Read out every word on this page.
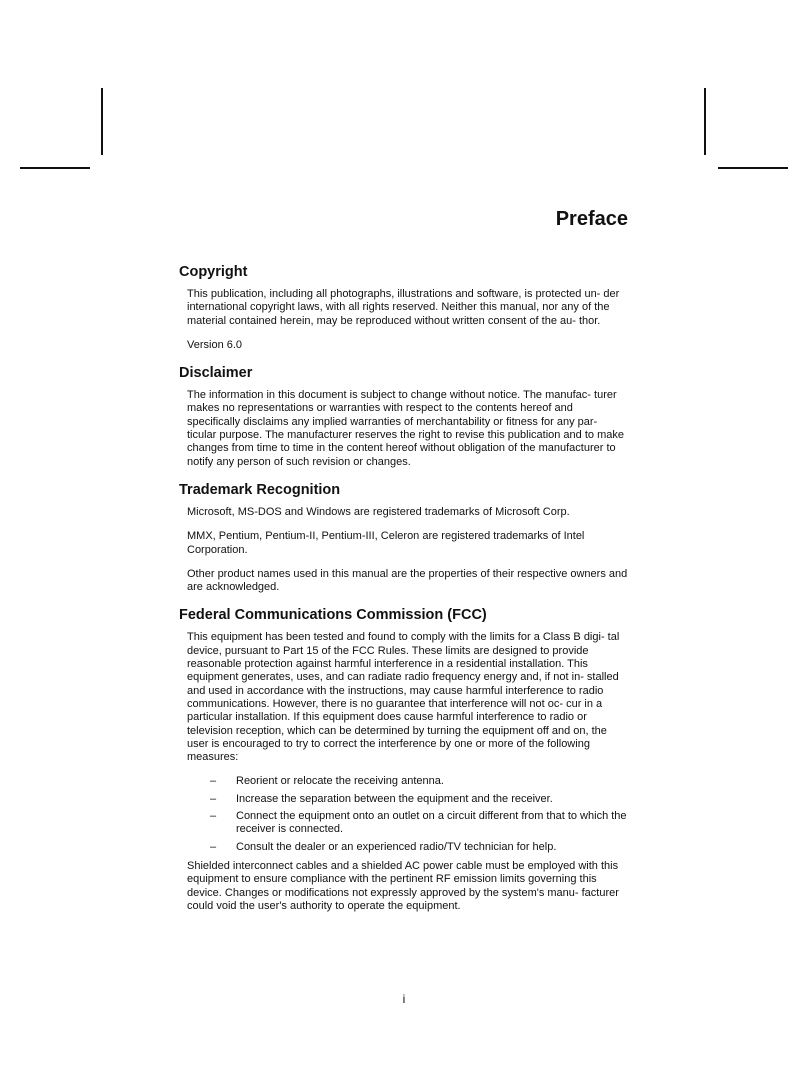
Preface
Copyright

This publication, including all photographs, illustrations and software, is protected un- der international copyright laws, with all rights reserved. Neither this manual, nor any of the material contained herein, may be reproduced without written consent of the au- thor.

Version 6.0

Disclaimer

The information in this document is subject to change without notice. The manufac- turer makes no representations or warranties with respect to the contents hereof and specifically disclaims any implied warranties of merchantability or fitness for any par- ticular purpose. The manufacturer reserves the right to revise this publication and to make changes from time to time in the content hereof without obligation of the manufacturer to notify any person of such revision or changes.

Trademark Recognition

Microsoft, MS-DOS and Windows are registered trademarks of Microsoft Corp.

MMX, Pentium, Pentium-II, Pentium-III, Celeron are registered trademarks of Intel Corporation.

Other product names used in this manual are the properties of their respective owners and are acknowledged.

Federal Communications Commission (FCC)

This equipment has been tested and found to comply with the limits for a Class B digi- tal device, pursuant to Part 15 of the FCC Rules. These limits are designed to provide reasonable protection against harmful interference in a residential installation. This equipment generates, uses, and can radiate radio frequency energy and, if not in- stalled and used in accordance with the instructions, may cause harmful interference to radio communications. However, there is no guarantee that interference will not oc- cur in a particular installation. If this equipment does cause harmful interference to radio or television reception, which can be determined by turning the equipment off and on, the user is encouraged to try to correct the interference by one or more of the following measures:

– Reorient or relocate the receiving antenna.
– Increase the separation between the equipment and the receiver.
– Connect the equipment onto an outlet on a circuit different from that to which the receiver is connected.
– Consult the dealer or an experienced radio/TV technician for help.

Shielded interconnect cables and a shielded AC power cable must be employed with this equipment to ensure compliance with the pertinent RF emission limits governing this device. Changes or modifications not expressly approved by the system's manu- facturer could void the user's authority to operate the equipment.

i
